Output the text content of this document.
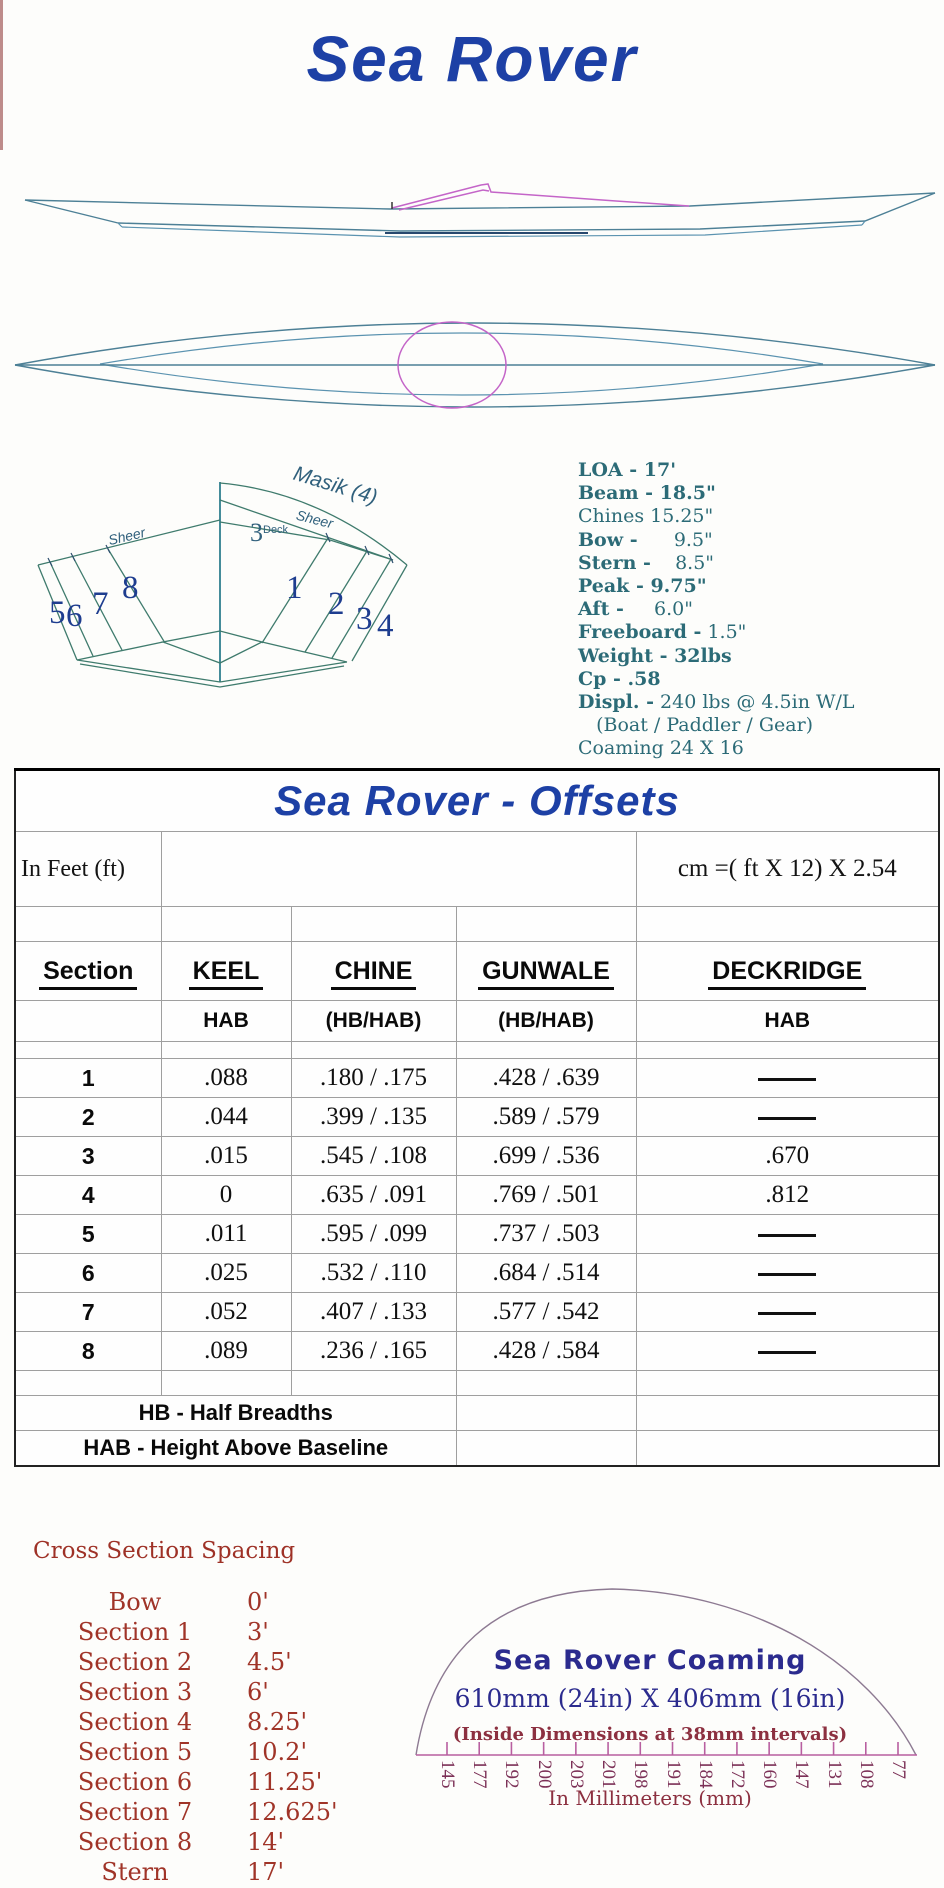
Sea Rover
Masik (4)
Sheer
Sheer	$3^{Deck}$
1 2 3 4
5 6 7 8
LOA - 17'
Beam - 18.5"
Chines 15.25"
Bow -      9.5"
Stern -    8.5"
Peak - 9.75"
Aft -     6.0"
Freeboard - 1.5"
Weight - 32lbs
Cp - .58
Displ. - 240 lbs @ 4.5in W/L
(Boat / Paddler / Gear)
Coaming 24 X 16
Sea Rover - Offsets				
In Feet (ft)				cm =( ft X 12) X 2.54

Section	KEEL	CHINE	GUNWALE	DECKRIDGE
	HAB	(HB/HAB)	(HB/HAB)	HAB

1	.088	.180 / .175	.428 / .639	
2	.044	.399 / .135	.589 / .579	
3	.015	.545 / .108	.699 / .536	.670
4	0	.635 / .091	.769 / .501	.812
5	.011	.595 / .099	.737 / .503	
6	.025	.532 / .110	.684 / .514	
7	.052	.407 / .133	.577 / .542	
8	.089	.236 / .165	.428 / .584	

HB - Half Breadths				
HAB - Height Above Baseline				
Cross Section Spacing
Bow	0'
Section 1	3'
Section 2	4.5'
Section 3	6'
Section 4	8.25'
Section 5	10.2'
Section 6	11.25'
Section 7	12.625'
Section 8	14'
Stern	17'
Sea Rover Coaming
610mm (24in) X 406mm (16in)
(Inside Dimensions at 38mm intervals)
In Millimeters (mm)
145 177 192 200 203 201 198 191 184 172 160 147 131 108 77
